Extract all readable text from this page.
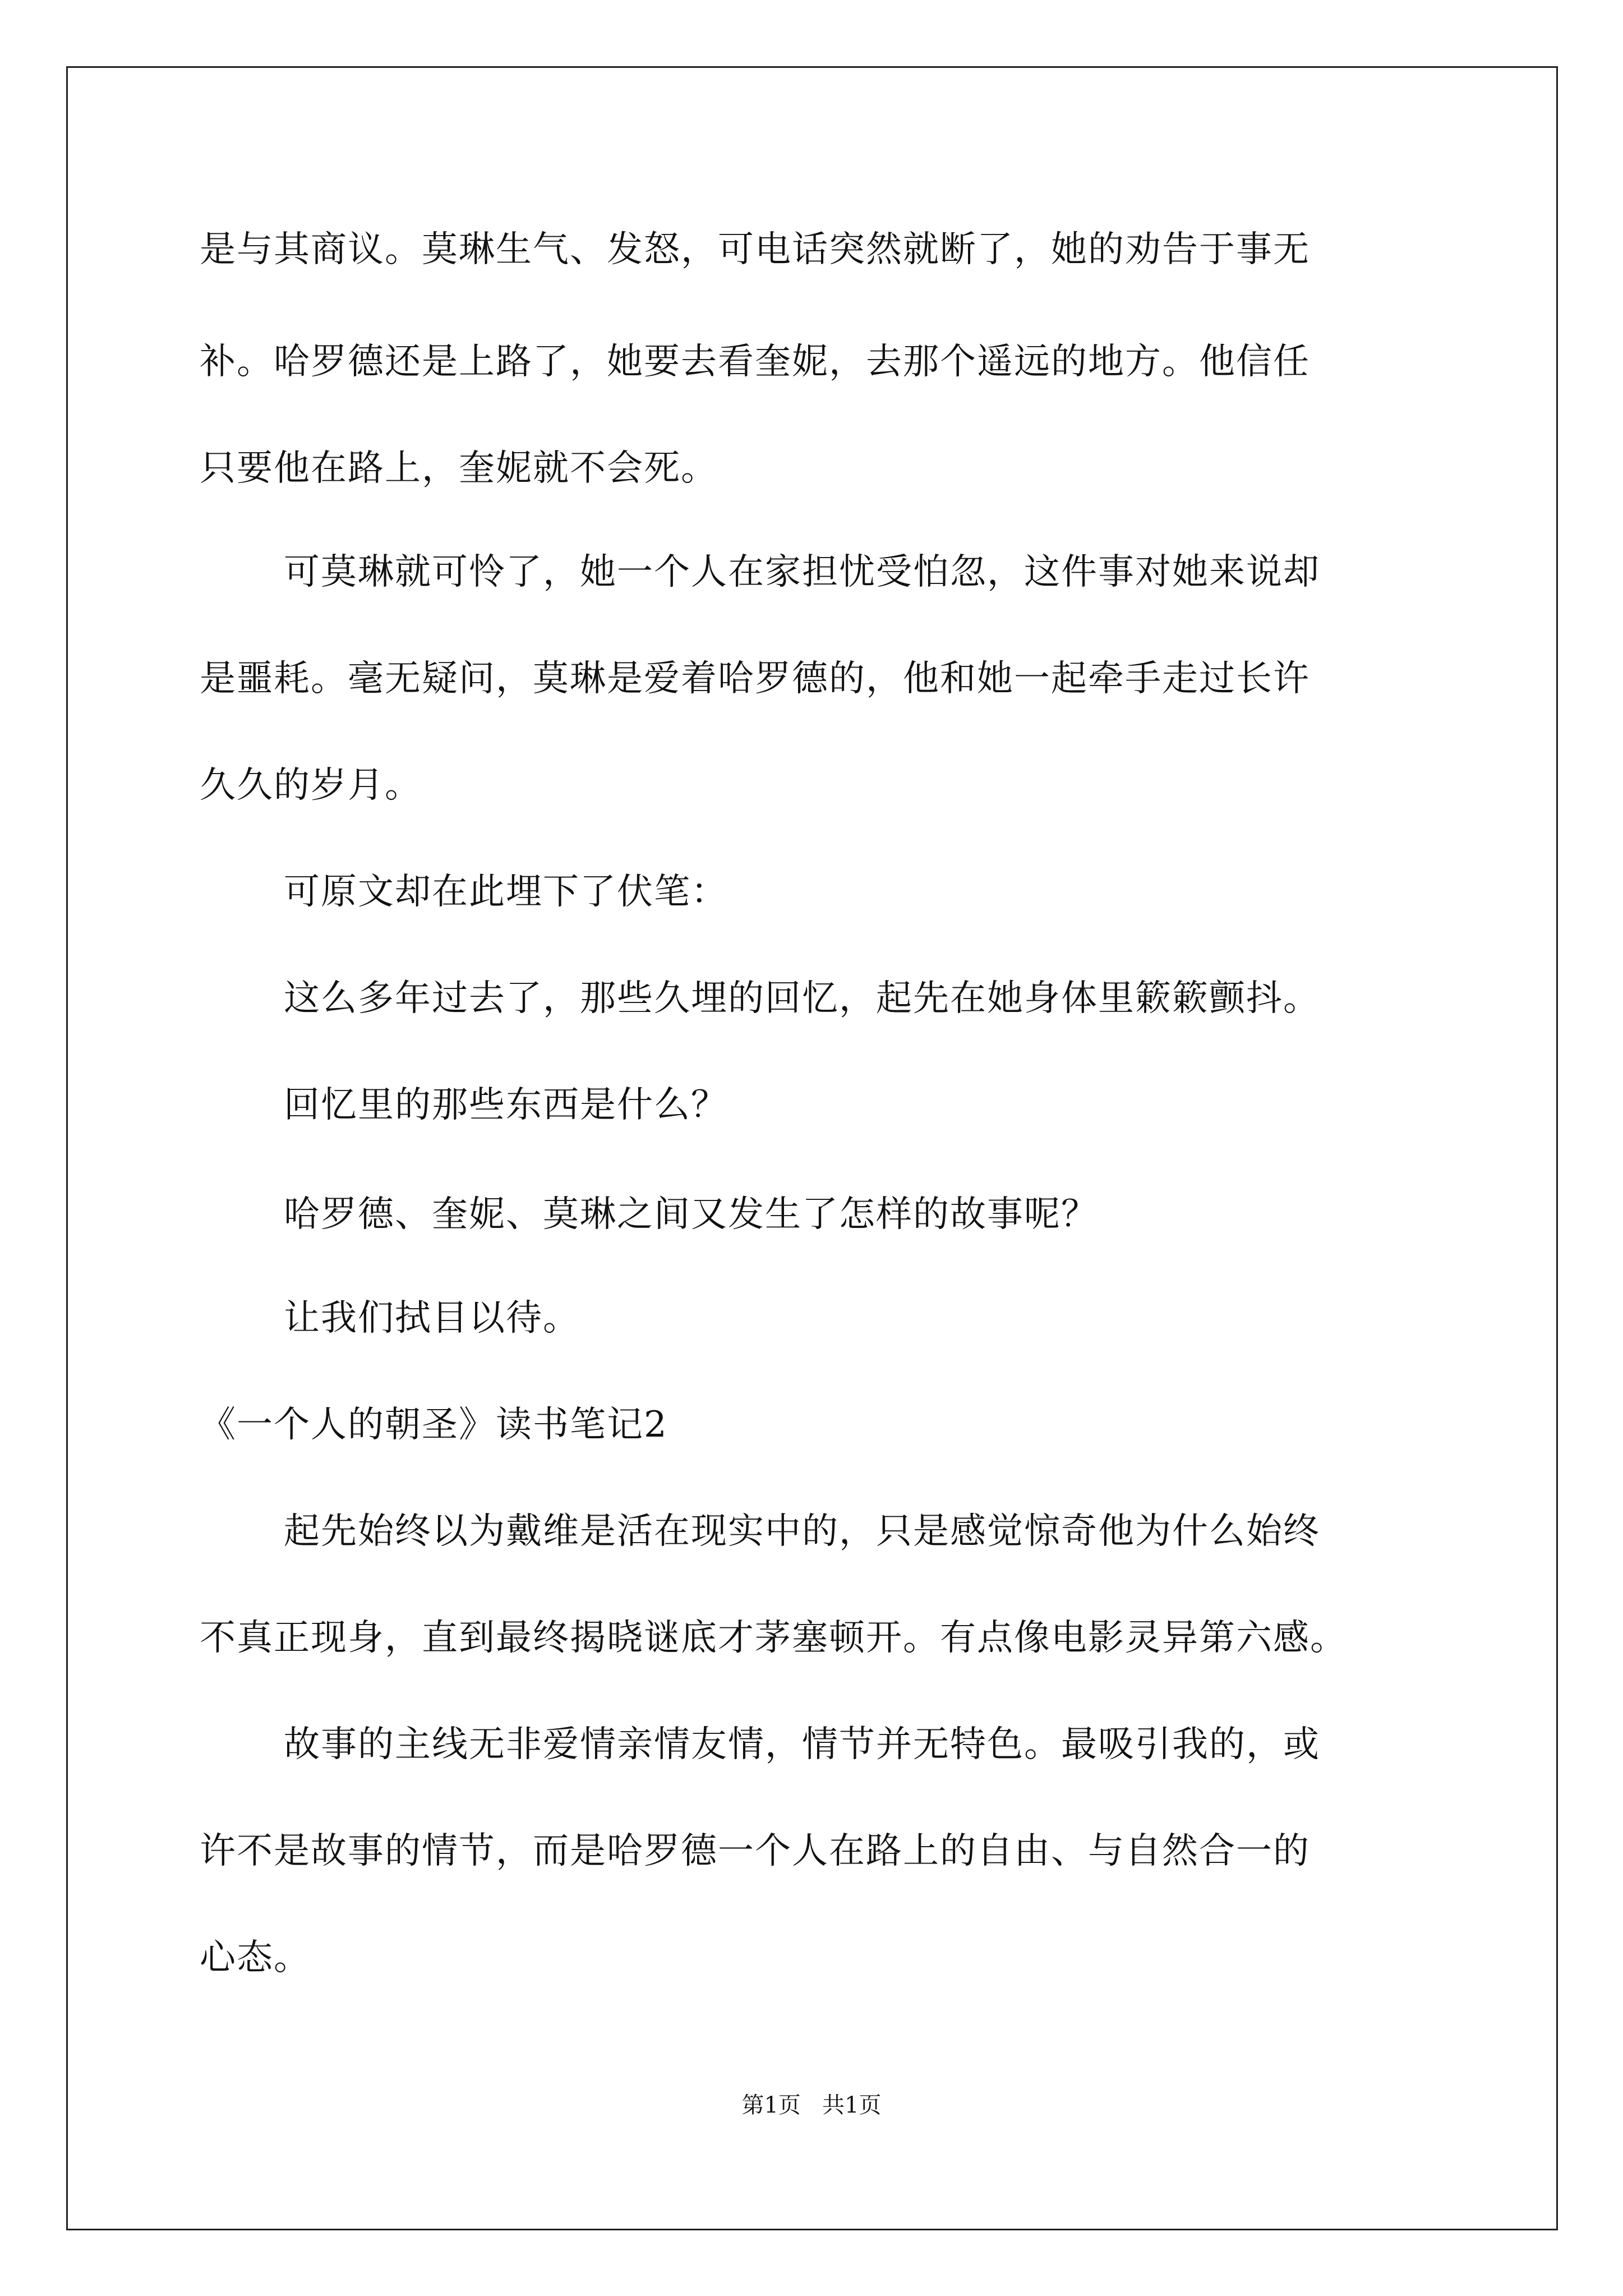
是与其商议。莫琳生气、发怒，可电话突然就断了，她的劝告于事无

补。哈罗德还是上路了，她要去看奎妮，去那个遥远的地方。他信任

只要他在路上，奎妮就不会死。

可莫琳就可怜了，她一个人在家担忧受怕忽，这件事对她来说却

是噩耗。毫无疑问，莫琳是爱着哈罗德的，他和她一起牵手走过长许

久久的岁月。

可原文却在此埋下了伏笔：

这么多年过去了，那些久埋的回忆，起先在她身体里簌簌颤抖。

回忆里的那些东西是什么？

哈罗德、奎妮、莫琳之间又发生了怎样的故事呢？

让我们拭目以待。

《一个人的朝圣》读书笔记2

起先始终以为戴维是活在现实中的，只是感觉惊奇他为什么始终

不真正现身，直到最终揭晓谜底才茅塞顿开。有点像电影灵异第六感。

故事的主线无非爱情亲情友情，情节并无特色。最吸引我的，或

许不是故事的情节，而是哈罗德一个人在路上的自由、与自然合一的

心态。

第1页   共1页
